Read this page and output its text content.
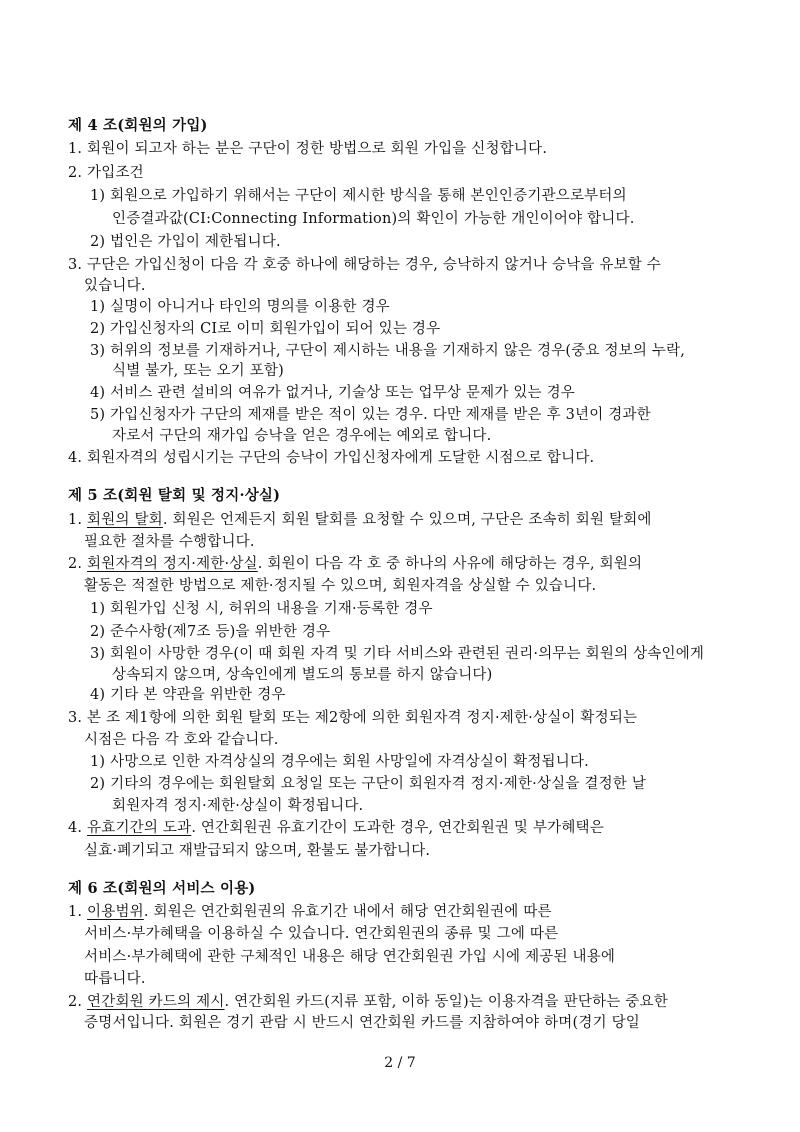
제 4 조(회원의 가입)
1. 회원이 되고자 하는 분은 구단이 정한 방법으로 회원 가입을 신청합니다.
2. 가입조건
1) 회원으로 가입하기 위해서는 구단이 제시한 방식을 통해 본인인증기관으로부터의
인증결과값(CI:Connecting Information)의 확인이 가능한 개인이어야 합니다.
2) 법인은 가입이 제한됩니다.
3. 구단은 가입신청이 다음 각 호중 하나에 해당하는 경우, 승낙하지 않거나 승낙을 유보할 수
있습니다.
1) 실명이 아니거나 타인의 명의를 이용한 경우
2) 가입신청자의 CI로 이미 회원가입이 되어 있는 경우
3) 허위의 정보를 기재하거나, 구단이 제시하는 내용을 기재하지 않은 경우(중요 정보의 누락,
식별 불가, 또는 오기 포함)
4) 서비스 관련 설비의 여유가 없거나, 기술상 또는 업무상 문제가 있는 경우
5) 가입신청자가 구단의 제재를 받은 적이 있는 경우. 다만 제재를 받은 후 3년이 경과한
자로서 구단의 재가입 승낙을 얻은 경우에는 예외로 합니다.
4. 회원자격의 성립시기는 구단의 승낙이 가입신청자에게 도달한 시점으로 합니다.
제 5 조(회원 탈회 및 정지·상실)
1. 회원의 탈회. 회원은 언제든지 회원 탈회를 요청할 수 있으며, 구단은 조속히 회원 탈회에
필요한 절차를 수행합니다.
2. 회원자격의 정지·제한·상실. 회원이 다음 각 호 중 하나의 사유에 해당하는 경우, 회원의
활동은 적절한 방법으로 제한·정지될 수 있으며, 회원자격을 상실할 수 있습니다.
1) 회원가입 신청 시, 허위의 내용을 기재·등록한 경우
2) 준수사항(제7조 등)을 위반한 경우
3) 회원이 사망한 경우(이 때 회원 자격 및 기타 서비스와 관련된 권리·의무는 회원의 상속인에게
상속되지 않으며, 상속인에게 별도의 통보를 하지 않습니다)
4) 기타 본 약관을 위반한 경우
3. 본 조 제1항에 의한 회원 탈회 또는 제2항에 의한 회원자격 정지·제한·상실이 확정되는
시점은 다음 각 호와 같습니다.
1) 사망으로 인한 자격상실의 경우에는 회원 사망일에 자격상실이 확정됩니다.
2) 기타의 경우에는 회원탈회 요청일 또는 구단이 회원자격 정지·제한·상실을 결정한 날
회원자격 정지·제한·상실이 확정됩니다.
4. 유효기간의 도과. 연간회원권 유효기간이 도과한 경우, 연간회원권 및 부가혜택은
실효·폐기되고 재발급되지 않으며, 환불도 불가합니다.
제 6 조(회원의 서비스 이용)
1. 이용범위. 회원은 연간회원권의 유효기간 내에서 해당 연간회원권에 따른
서비스·부가혜택을 이용하실 수 있습니다. 연간회원권의 종류 및 그에 따른
서비스·부가혜택에 관한 구체적인 내용은 해당 연간회원권 가입 시에 제공된 내용에
따릅니다.
2. 연간회원 카드의 제시. 연간회원 카드(지류 포함, 이하 동일)는 이용자격을 판단하는 중요한
증명서입니다. 회원은 경기 관람 시 반드시 연간회원 카드를 지참하여야 하며(경기 당일
2 / 7
